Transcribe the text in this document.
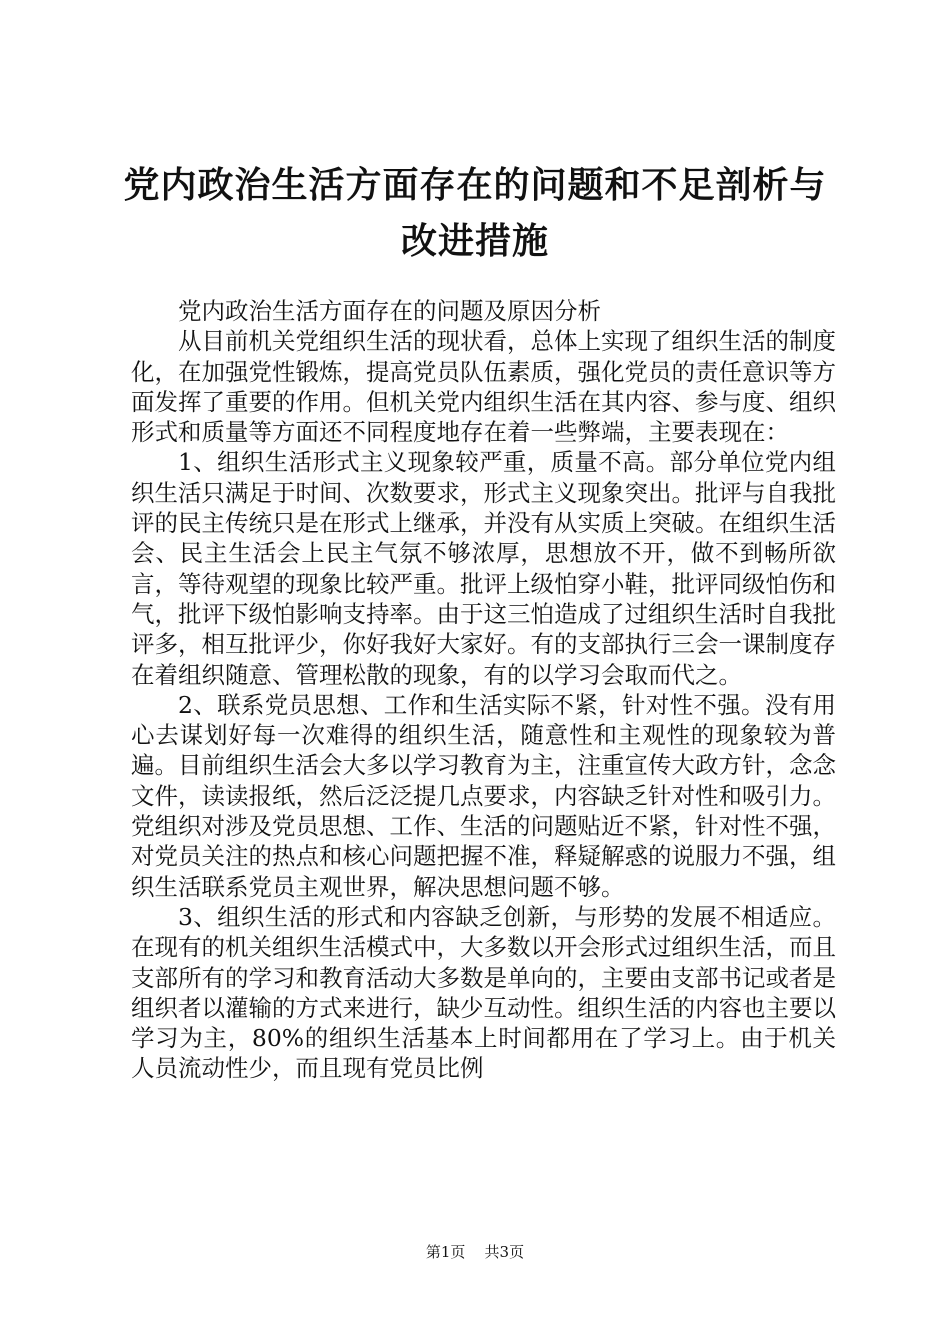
党内政治生活方面存在的问题和不足剖析与改进措施

党内政治生活方面存在的问题及原因分析

从目前机关党组织生活的现状看，总体上实现了组织生活的制度化，在加强党性锻炼，提高党员队伍素质，强化党员的责任意识等方面发挥了重要的作用。但机关党内组织生活在其内容、参与度、组织形式和质量等方面还不同程度地存在着一些弊端，主要表现在：

1、组织生活形式主义现象较严重，质量不高。部分单位党内组织生活只满足于时间、次数要求，形式主义现象突出。批评与自我批评的民主传统只是在形式上继承，并没有从实质上突破。在组织生活会、民主生活会上民主气氛不够浓厚，思想放不开，做不到畅所欲言，等待观望的现象比较严重。批评上级怕穿小鞋，批评同级怕伤和气，批评下级怕影响支持率。由于这三怕造成了过组织生活时自我批评多，相互批评少，你好我好大家好。有的支部执行三会一课制度存在着组织随意、管理松散的现象，有的以学习会取而代之。

2、联系党员思想、工作和生活实际不紧，针对性不强。没有用心去谋划好每一次难得的组织生活，随意性和主观性的现象较为普遍。目前组织生活会大多以学习教育为主，注重宣传大政方针，念念文件，读读报纸，然后泛泛提几点要求，内容缺乏针对性和吸引力。党组织对涉及党员思想、工作、生活的问题贴近不紧，针对性不强，对党员关注的热点和核心问题把握不准，释疑解惑的说服力不强，组织生活联系党员主观世界，解决思想问题不够。

3、组织生活的形式和内容缺乏创新，与形势的发展不相适应。在现有的机关组织生活模式中，大多数以开会形式过组织生活，而且支部所有的学习和教育活动大多数是单向的，主要由支部书记或者是组织者以灌输的方式来进行，缺少互动性。组织生活的内容也主要以学习为主，80%的组织生活基本上时间都用在了学习上。由于机关人员流动性少，而且现有党员比例

第1页 共3页
